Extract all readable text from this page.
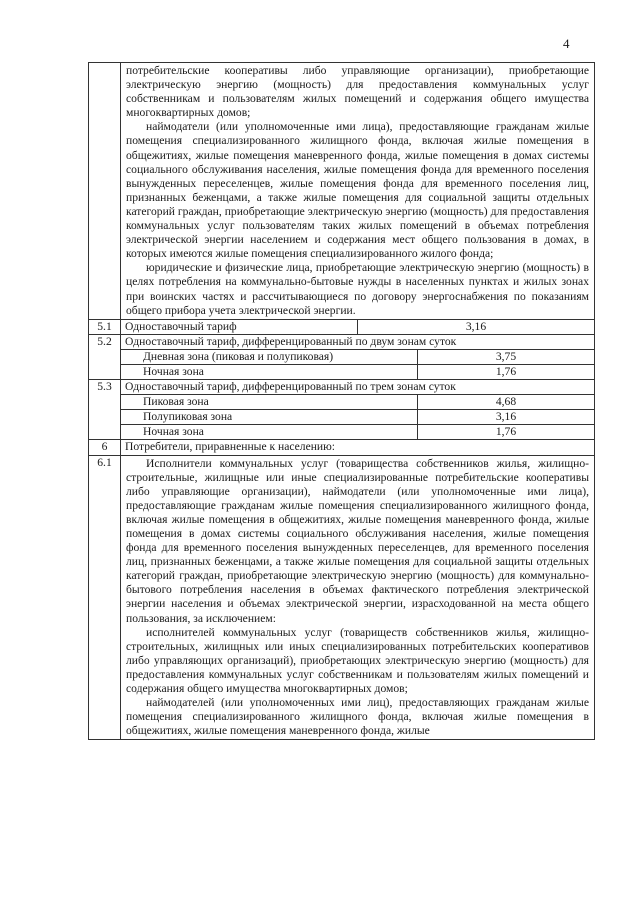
4

потребительские кооперативы либо управляющие организации), приобретающие электрическую энергию (мощность) для предоставления коммунальных услуг собственникам и пользователям жилых помещений и содержания общего имущества многоквартирных домов;

наймодатели (или уполномоченные ими лица), предоставляющие гражданам жилые помещения специализированного жилищного фонда, включая жилые помещения в общежитиях, жилые помещения маневренного фонда, жилые помещения в домах системы социального обслуживания населения, жилые помещения фонда для временного поселения вынужденных переселенцев, жилые помещения фонда для временного поселения лиц, признанных беженцами, а также жилые помещения для социальной защиты отдельных категорий граждан, приобретающие электрическую энергию (мощность) для предоставления коммунальных услуг пользователям таких жилых помещений в объемах потребления электрической энергии населением и содержания мест общего пользования в домах, в которых имеются жилые помещения специализированного жилого фонда;

юридические и физические лица, приобретающие электрическую энергию (мощность) в целях потребления на коммунально-бытовые нужды в населенных пунктах и жилых зонах при воинских частях и рассчитывающиеся по договору энергоснабжения по показаниям общего прибора учета электрической энергии.

5.1	Одноставочный тариф	3,16
5.2	Одноставочный тариф, дифференцированный по двум зонам суток
Дневная зона (пиковая и полупиковая)	3,75
Ночная зона	1,76

5.3	Одноставочный тариф, дифференцированный по трем зонам суток
Пиковая зона	4,68
Полупиковая зона	3,16
Ночная зона	1,76

6	Потребители, приравненные к населению:

6.1	Исполнители коммунальных услуг (товарищества собственников жилья, жилищно-строительные, жилищные или иные специализированные потребительские кооперативы либо управляющие организации), наймодатели (или уполномоченные ими лица), предоставляющие гражданам жилые помещения специализированного жилищного фонда, включая жилые помещения в общежитиях, жилые помещения маневренного фонда, жилые помещения в домах системы социального обслуживания населения, жилые помещения фонда для временного поселения вынужденных переселенцев, для временного поселения лиц, признанных беженцами, а также жилые помещения для социальной защиты отдельных категорий граждан, приобретающие электрическую энергию (мощность) для коммунально-бытового потребления населения в объемах фактического потребления электрической энергии населения и объемах электрической энергии, израсходованной на места общего пользования, за исключением:

исполнителей коммунальных услуг (товариществ собственников жилья, жилищно-строительных, жилищных или иных специализированных потребительских кооперативов либо управляющих организаций), приобретающих электрическую энергию (мощность) для предоставления коммунальных услуг собственникам и пользователям жилых помещений и содержания общего имущества многоквартирных домов;

наймодателей (или уполномоченных ими лиц), предоставляющих гражданам жилые помещения специализированного жилищного фонда, включая жилые помещения в общежитиях, жилые помещения маневренного фонда, жилые
